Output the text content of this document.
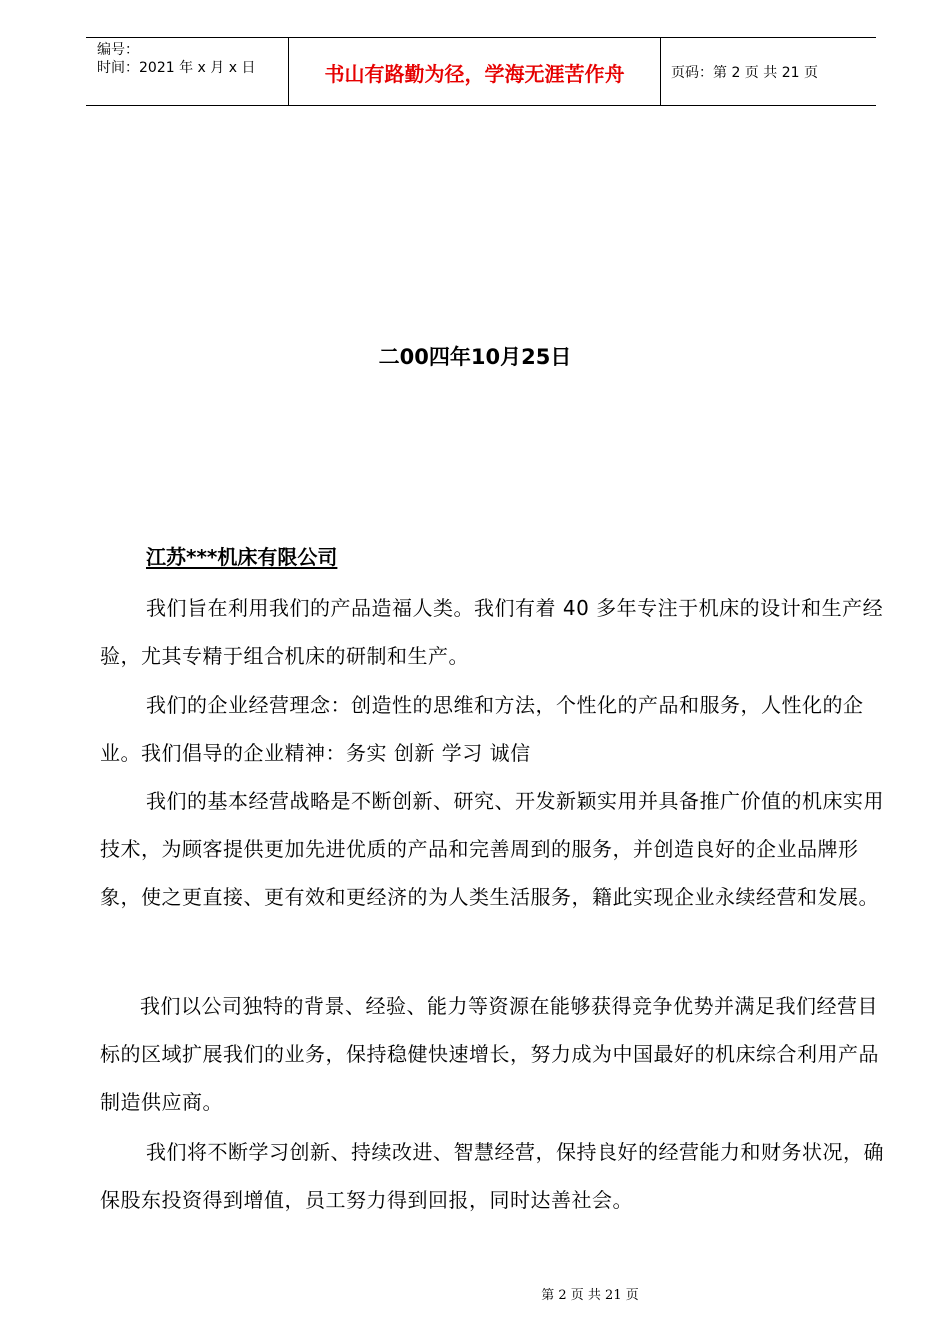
编号：
时间：2021 年 x 月 x 日	书山有路勤为径，学海无涯苦作舟	页码：第 2 页 共 21 页
二00四年10月25日
江苏***机床有限公司
我们旨在利用我们的产品造福人类。我们有着 40 多年专注于机床的设计和生产经验，尤其专精于组合机床的研制和生产。
我们的企业经营理念：创造性的思维和方法，个性化的产品和服务，人性化的企业。我们倡导的企业精神：务实 创新 学习 诚信
我们的基本经营战略是不断创新、研究、开发新颖实用并具备推广价值的机床实用技术，为顾客提供更加先进优质的产品和完善周到的服务，并创造良好的企业品牌形象，使之更直接、更有效和更经济的为人类生活服务，籍此实现企业永续经营和发展。
我们以公司独特的背景、经验、能力等资源在能够获得竞争优势并满足我们经营目标的区域扩展我们的业务，保持稳健快速增长，努力成为中国最好的机床综合利用产品制造供应商。
我们将不断学习创新、持续改进、智慧经营，保持良好的经营能力和财务状况，确保股东投资得到增值，员工努力得到回报，同时达善社会。
第 2 页 共 21 页
